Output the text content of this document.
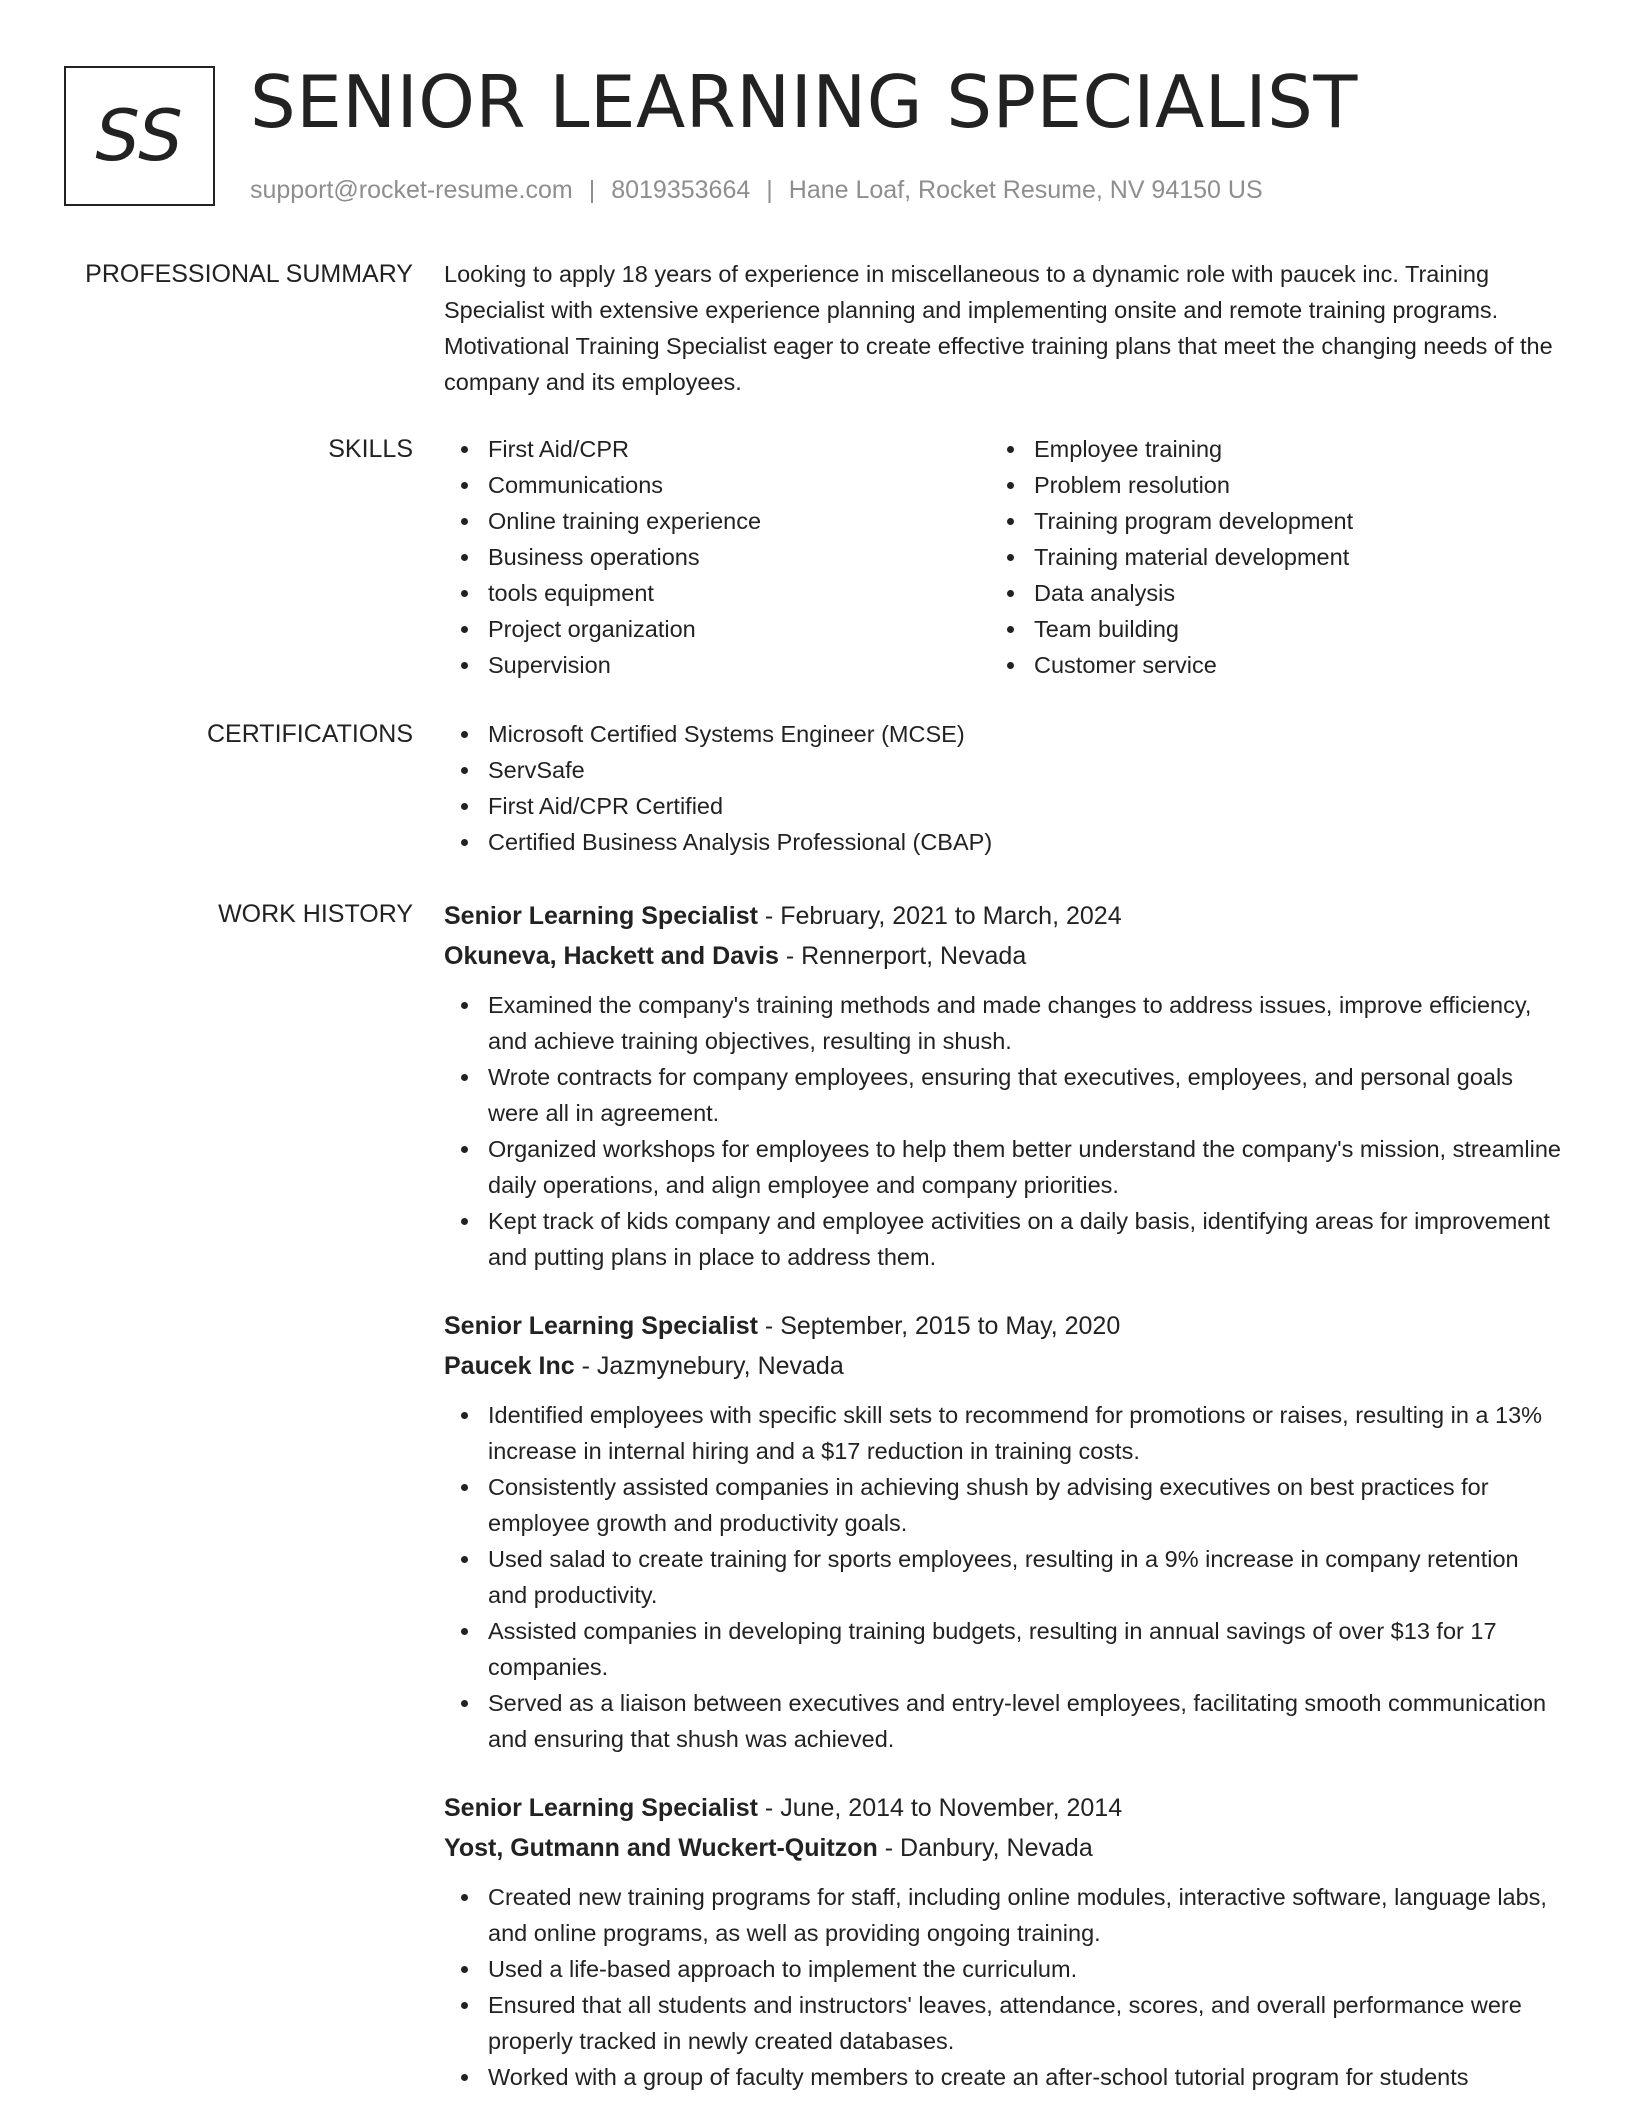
SS SENIOR LEARNING SPECIALIST
support@rocket-resume.com | 8019353664 | Hane Loaf, Rocket Resume, NV 94150 US
PROFESSIONAL SUMMARY Looking to apply 18 years of experience in miscellaneous to a dynamic role with paucek inc. Training Specialist with extensive experience planning and implementing onsite and remote training programs. Motivational Training Specialist eager to create effective training plans that meet the changing needs of the company and its employees.

SKILLS	First Aid/CPR
Communications
Online training experience
Business operations
tools equipment
Project organization
Supervision
Employee training
Problem resolution
Training program development
Training material development
Data analysis
Team building
Customer service
CERTIFICATIONS	Microsoft Certified Systems Engineer (MCSE)
ServSafe
First Aid/CPR Certified
Certified Business Analysis Professional (CBAP)
WORK HISTORY Senior Learning Specialist - February, 2021 to March, 2024
Okuneva, Hackett and Davis - Rennerport, Nevada
Examined the company's training methods and made changes to address issues, improve efficiency, and achieve training objectives, resulting in shush.
Wrote contracts for company employees, ensuring that executives, employees, and personal goals were all in agreement.
Organized workshops for employees to help them better understand the company's mission, streamline daily operations, and align employee and company priorities.
Kept track of kids company and employee activities on a daily basis, identifying areas for improvement and putting plans in place to address them.
Senior Learning Specialist - September, 2015 to May, 2020
Paucek Inc - Jazmynebury, Nevada
Identified employees with specific skill sets to recommend for promotions or raises, resulting in a 13% increase in internal hiring and a $17 reduction in training costs.
Consistently assisted companies in achieving shush by advising executives on best practices for employee growth and productivity goals.
Used salad to create training for sports employees, resulting in a 9% increase in company retention and productivity.
Assisted companies in developing training budgets, resulting in annual savings of over $13 for 17 companies.
Served as a liaison between executives and entry-level employees, facilitating smooth communication and ensuring that shush was achieved.
Senior Learning Specialist - June, 2014 to November, 2014
Yost, Gutmann and Wuckert-Quitzon - Danbury, Nevada
Created new training programs for staff, including online modules, interactive software, language labs, and online programs, as well as providing ongoing training.
Used a life-based approach to implement the curriculum.
Ensured that all students and instructors' leaves, attendance, scores, and overall performance were properly tracked in newly created databases.
Worked with a group of faculty members to create an after-school tutorial program for students
